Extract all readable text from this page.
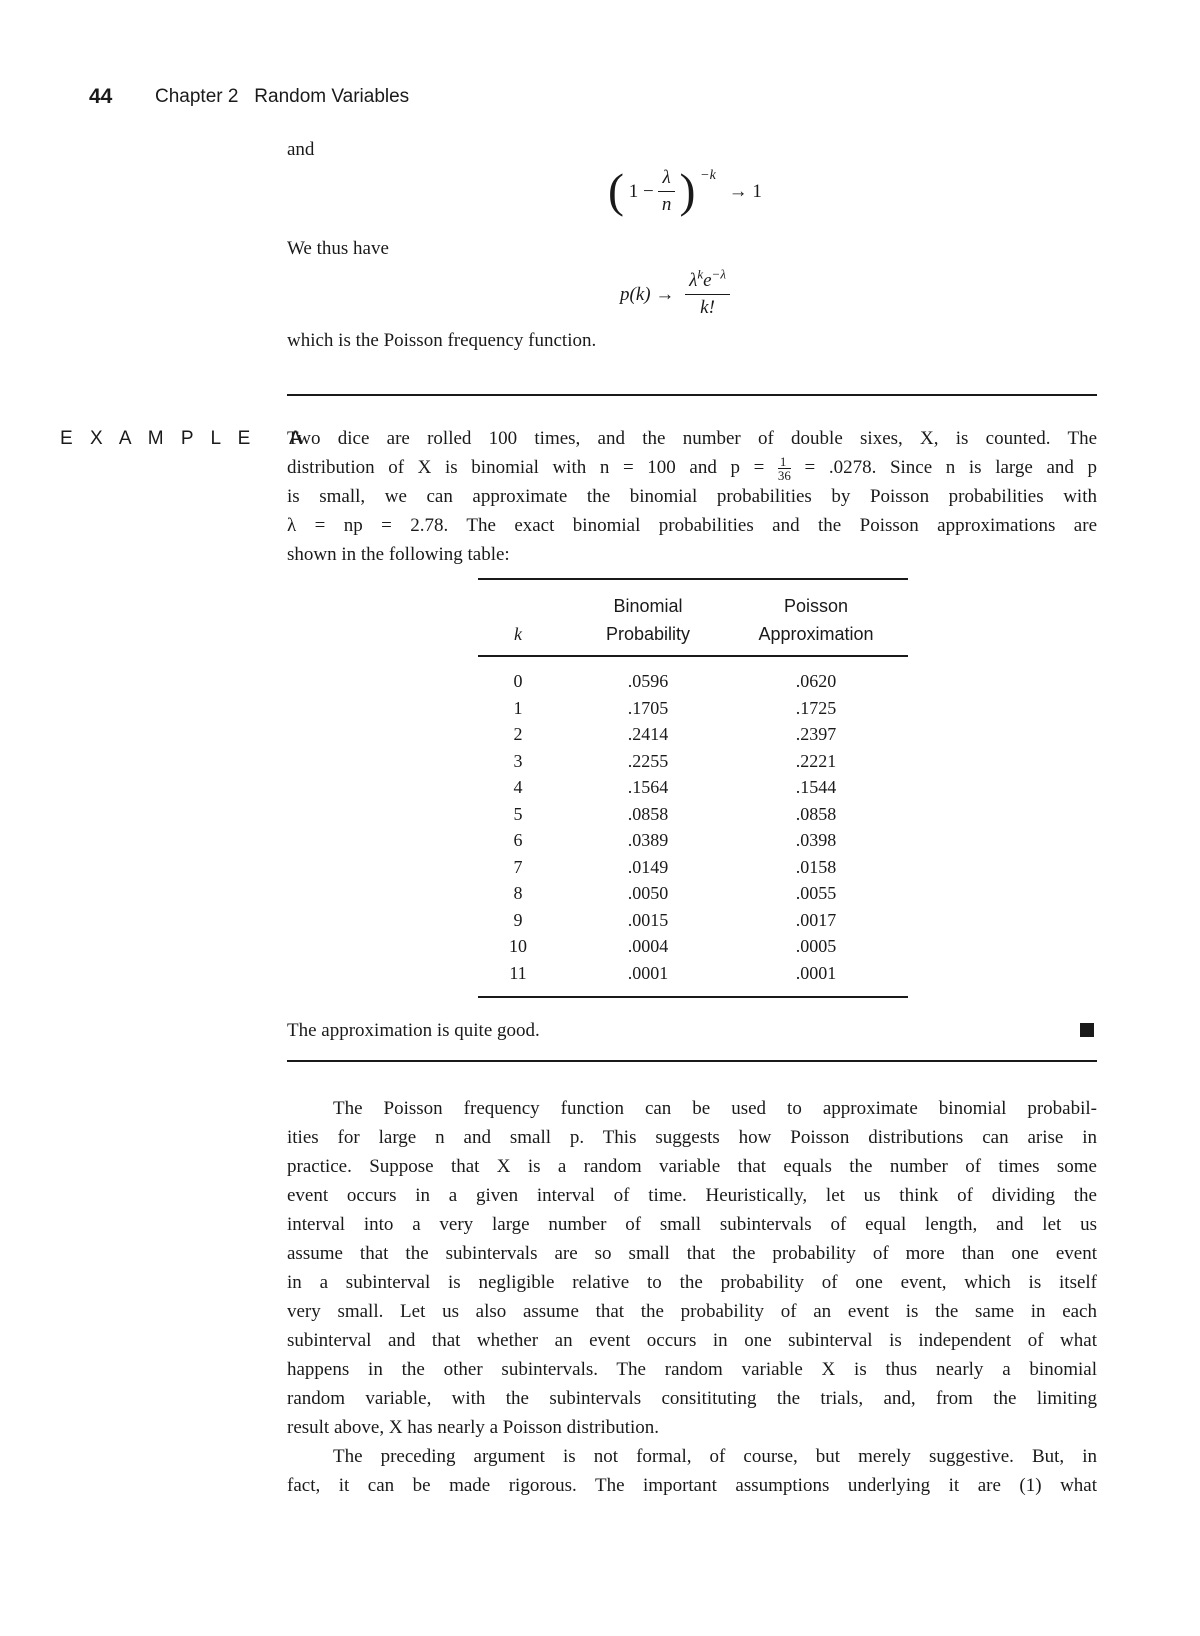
44 Chapter 2   Random Variables
and
( $1 - \frac{\lambda}{n}$ ) $^{-k}$ → 1
We thus have
$p(k) \to \frac{\lambda^ke^{-\lambda}}{k!}$
which is the Poisson frequency function.
E X A M P L E   A
Two dice are rolled 100 times, and the number of double sixes, X, is counted. The
distribution of X is binomial with n = 100 and $p = \frac{1}{36} = .0278$. Since n is large and p
is small, we can approximate the binomial probabilities by Poisson probabilities with
λ = np = 2.78. The exact binomial probabilities and the Poisson approximations are
shown in the following table:
Binomial	Poisson
k	Probability	Approximation
0	.0596	.0620
1	.1705	.1725
2	.2414	.2397
3	.2255	.2221
4	.1564	.1544
5	.0858	.0858
6	.0389	.0398
7	.0149	.0158
8	.0050	.0055
9	.0015	.0017
10	.0004	.0005
11	.0001	.0001
The approximation is quite good.
The Poisson frequency function can be used to approximate binomial probabil-
ities for large n and small p. This suggests how Poisson distributions can arise in
practice. Suppose that X is a random variable that equals the number of times some
event occurs in a given interval of time. Heuristically, let us think of dividing the
interval into a very large number of small subintervals of equal length, and let us
assume that the subintervals are so small that the probability of more than one event
in a subinterval is negligible relative to the probability of one event, which is itself
very small. Let us also assume that the probability of an event is the same in each
subinterval and that whether an event occurs in one subinterval is independent of what
happens in the other subintervals. The random variable X is thus nearly a binomial
random variable, with the subintervals consitituting the trials, and, from the limiting
result above, X has nearly a Poisson distribution.
The preceding argument is not formal, of course, but merely suggestive. But, in
fact, it can be made rigorous. The important assumptions underlying it are (1) what
